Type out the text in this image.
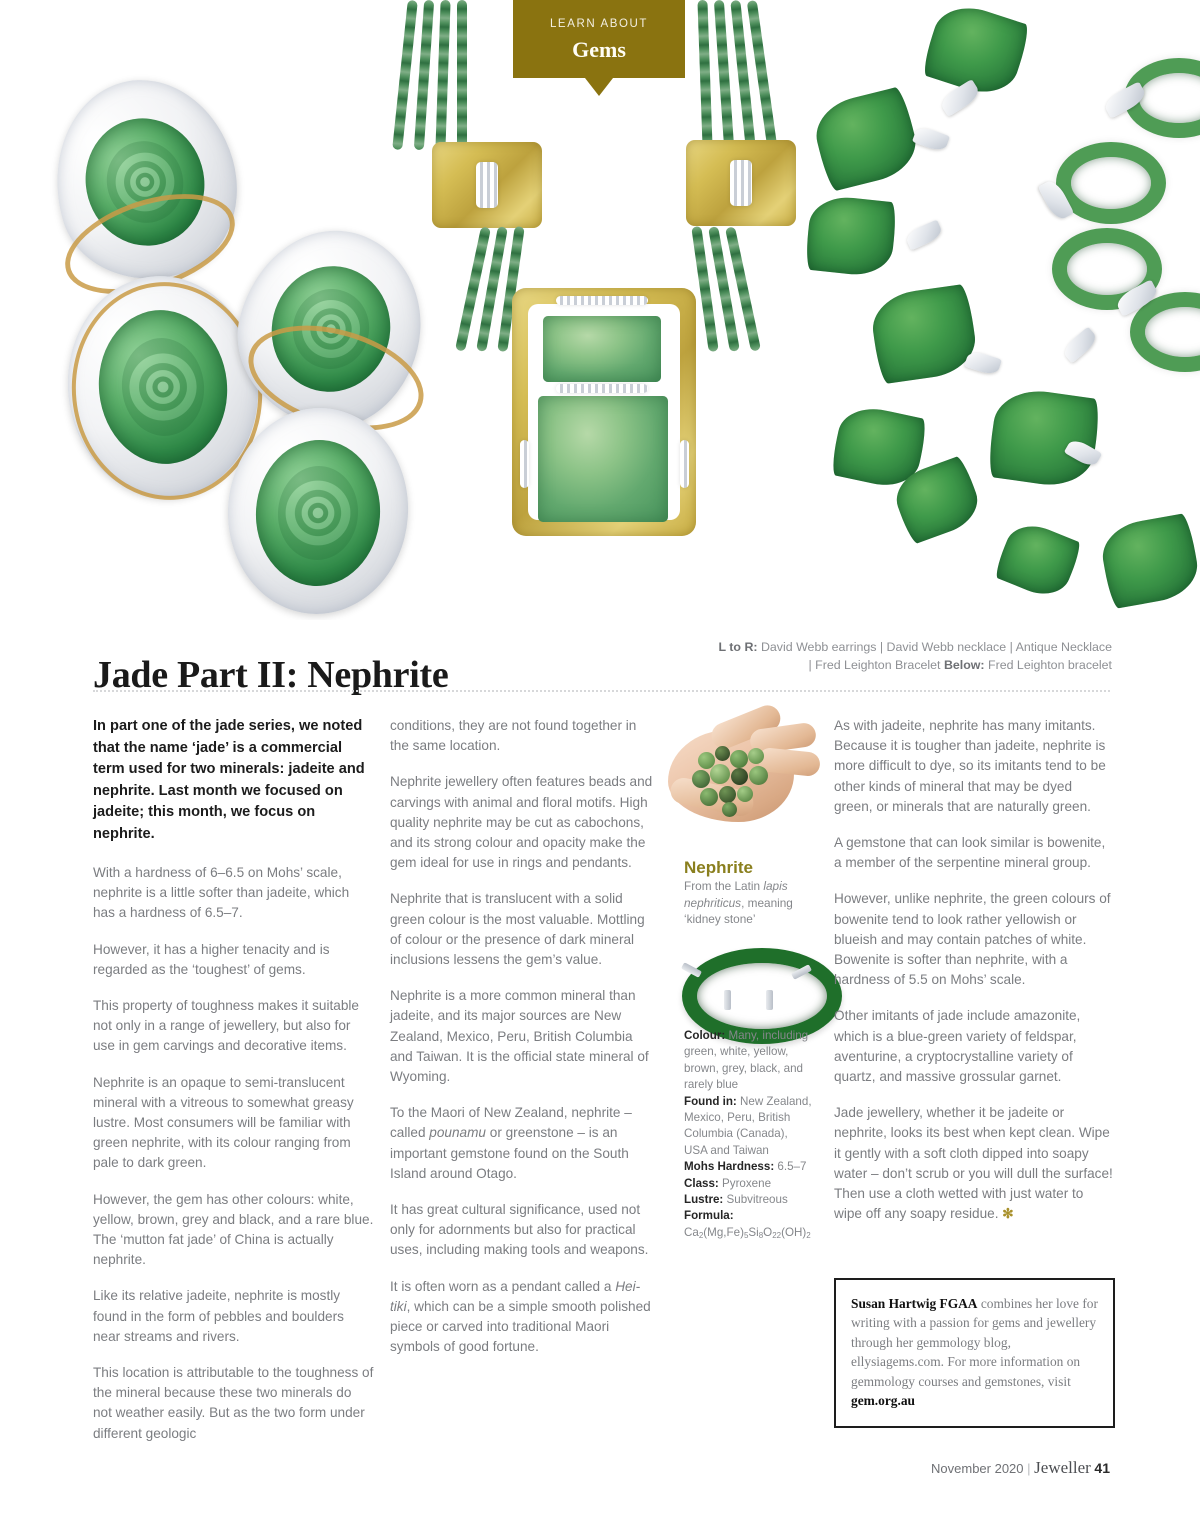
LEARN ABOUT
Gems
Jade Part II: Nephrite
L to R: David Webb earrings | David Webb necklace | Antique Necklace
| Fred Leighton Bracelet Below: Fred Leighton bracelet

In part one of the jade series, we noted that the name ‘jade’ is a commercial term used for two minerals: jadeite and nephrite. Last month we focused on jadeite; this month, we focus on nephrite.

With a hardness of 6–6.5 on Mohs’ scale, nephrite is a little softer than jadeite, which has a hardness of 6.5–7.

However, it has a higher tenacity and is regarded as the ‘toughest’ of gems.

This property of toughness makes it suitable not only in a range of jewellery, but also for use in gem carvings and decorative items.

Nephrite is an opaque to semi-translucent mineral with a vitreous to somewhat greasy lustre. Most consumers will be familiar with green nephrite, with its colour ranging from pale to dark green.

However, the gem has other colours: white, yellow, brown, grey and black, and a rare blue. The ‘mutton fat jade’ of China is actually nephrite.

Like its relative jadeite, nephrite is mostly found in the form of pebbles and boulders near streams and rivers.

This location is attributable to the toughness of the mineral because these two minerals do not weather easily. But as the two form under different geologic

conditions, they are not found together in the same location.

Nephrite jewellery often features beads and carvings with animal and floral motifs. High quality nephrite may be cut as cabochons, and its strong colour and opacity make the gem ideal for use in rings and pendants.

Nephrite that is translucent with a solid green colour is the most valuable. Mottling of colour or the presence of dark mineral inclusions lessens the gem’s value.

Nephrite is a more common mineral than jadeite, and its major sources are New Zealand, Mexico, Peru, British Columbia and Taiwan. It is the official state mineral of Wyoming.

To the Maori of New Zealand, nephrite – called pounamu or greenstone – is an important gemstone found on the South Island around Otago.

It has great cultural significance, used not only for adornments but also for practical uses, including making tools and weapons.

It is often worn as a pendant called a Hei-tiki, which can be a simple smooth polished piece or carved into traditional Maori symbols of good fortune.

Nephrite
From the Latin lapis nephriticus, meaning ‘kidney stone’
Colour: Many, including green, white, yellow, brown, grey, black, and rarely blue
Found in: New Zealand, Mexico, Peru, British Columbia (Canada), USA and Taiwan
Mohs Hardness: 6.5–7
Class: Pyroxene
Lustre: Subvitreous
Formula:
$Ca_2(Mg,Fe)_5Si_8O_{22}(OH)_2$

As with jadeite, nephrite has many imitants. Because it is tougher than jadeite, nephrite is more difficult to dye, so its imitants tend to be other kinds of mineral that may be dyed green, or minerals that are naturally green.

A gemstone that can look similar is bowenite, a member of the serpentine mineral group.

However, unlike nephrite, the green colours of bowenite tend to look rather yellowish or blueish and may contain patches of white. Bowenite is softer than nephrite, with a hardness of 5.5 on Mohs’ scale.

Other imitants of jade include amazonite, which is a blue-green variety of feldspar, aventurine, a cryptocrystalline variety of quartz, and massive grossular garnet.

Jade jewellery, whether it be jadeite or nephrite, looks its best when kept clean. Wipe it gently with a soft cloth dipped into soapy water – don’t scrub or you will dull the surface! Then use a cloth wetted with just water to wipe off any soapy residue. ✻

Susan Hartwig FGAA combines her love for writing with a passion for gems and jewellery through her gemmology blog, ellysiagems.com. For more information on gemmology courses and gemstones, visit gem.org.au
November 2020 | Jeweller 41
